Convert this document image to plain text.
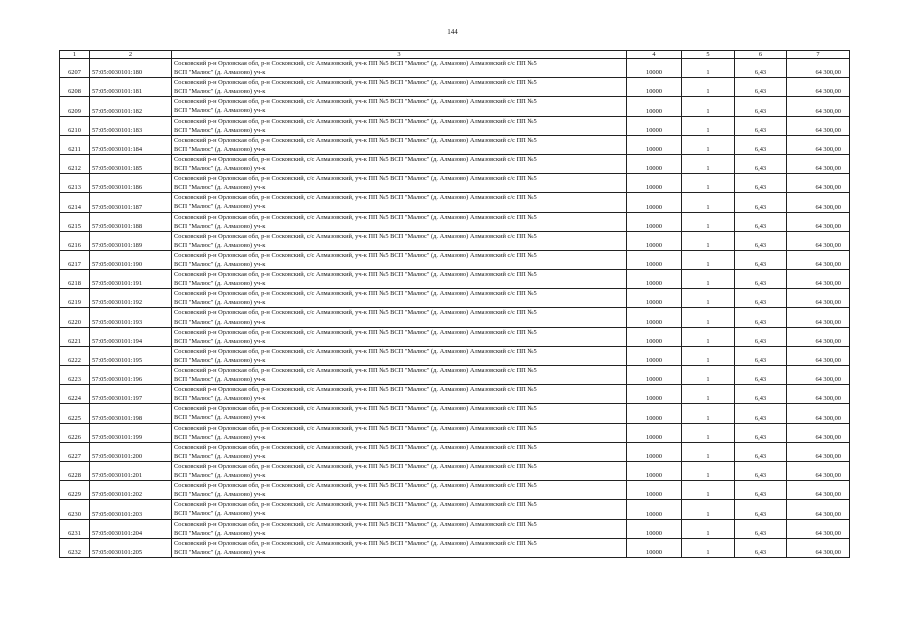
144
1	2	3	4	5	6	7
6207	57:05:0030101:180	Сосковский р-н Орловская обл, р-н Сосковский, с/с Алмазовский, уч-к ПП №5 ВСП "Малюс" (д. Алмазово) Алмазовский с/с ПП №5
ВСП "Малюс" (д. Алмазово) уч-к	10000	1	6,43	64 300,00
6208	57:05:0030101:181	Сосковский р-н Орловская обл, р-н Сосковский, с/с Алмазовский, уч-к ПП №5 ВСП "Малюс" (д. Алмазово) Алмазовский с/с ПП №5
ВСП "Малюс" (д. Алмазово) уч-к	10000	1	6,43	64 300,00
6209	57:05:0030101:182	Сосковский р-н Орловская обл, р-н Сосковский, с/с Алмазовский, уч-к ПП №5 ВСП "Малюс" (д. Алмазово) Алмазовский с/с ПП №5
ВСП "Малюс" (д. Алмазово) уч-к	10000	1	6,43	64 300,00
6210	57:05:0030101:183	Сосковский р-н Орловская обл, р-н Сосковский, с/с Алмазовский, уч-к ПП №5 ВСП "Малюс" (д. Алмазово) Алмазовский с/с ПП №5
ВСП "Малюс" (д. Алмазово) уч-к	10000	1	6,43	64 300,00
6211	57:05:0030101:184	Сосковский р-н Орловская обл, р-н Сосковский, с/с Алмазовский, уч-к ПП №5 ВСП "Малюс" (д. Алмазово) Алмазовский с/с ПП №5
ВСП "Малюс" (д. Алмазово) уч-к	10000	1	6,43	64 300,00
6212	57:05:0030101:185	Сосковский р-н Орловская обл, р-н Сосковский, с/с Алмазовский, уч-к ПП №5 ВСП "Малюс" (д. Алмазово) Алмазовский с/с ПП №5
ВСП "Малюс" (д. Алмазово) уч-к	10000	1	6,43	64 300,00
6213	57:05:0030101:186	Сосковский р-н Орловская обл, р-н Сосковский, с/с Алмазовский, уч-к ПП №5 ВСП "Малюс" (д. Алмазово) Алмазовский с/с ПП №5
ВСП "Малюс" (д. Алмазово) уч-к	10000	1	6,43	64 300,00
6214	57:05:0030101:187	Сосковский р-н Орловская обл, р-н Сосковский, с/с Алмазовский, уч-к ПП №5 ВСП "Малюс" (д. Алмазово) Алмазовский с/с ПП №5
ВСП "Малюс" (д. Алмазово) уч-к	10000	1	6,43	64 300,00
6215	57:05:0030101:188	Сосковский р-н Орловская обл, р-н Сосковский, с/с Алмазовский, уч-к ПП №5 ВСП "Малюс" (д. Алмазово) Алмазовский с/с ПП №5
ВСП "Малюс" (д. Алмазово) уч-к	10000	1	6,43	64 300,00
6216	57:05:0030101:189	Сосковский р-н Орловская обл, р-н Сосковский, с/с Алмазовский, уч-к ПП №5 ВСП "Малюс" (д. Алмазово) Алмазовский с/с ПП №5
ВСП "Малюс" (д. Алмазово) уч-к	10000	1	6,43	64 300,00
6217	57:05:0030101:190	Сосковский р-н Орловская обл, р-н Сосковский, с/с Алмазовский, уч-к ПП №5 ВСП "Малюс" (д. Алмазово) Алмазовский с/с ПП №5
ВСП "Малюс" (д. Алмазово) уч-к	10000	1	6,43	64 300,00
6218	57:05:0030101:191	Сосковский р-н Орловская обл, р-н Сосковский, с/с Алмазовский, уч-к ПП №5 ВСП "Малюс" (д. Алмазово) Алмазовский с/с ПП №5
ВСП "Малюс" (д. Алмазово) уч-к	10000	1	6,43	64 300,00
6219	57:05:0030101:192	Сосковский р-н Орловская обл, р-н Сосковский, с/с Алмазовский, уч-к ПП №5 ВСП "Малюс" (д. Алмазово) Алмазовский с/с ПП №5
ВСП "Малюс" (д. Алмазово) уч-к	10000	1	6,43	64 300,00
6220	57:05:0030101:193	Сосковский р-н Орловская обл, р-н Сосковский, с/с Алмазовский, уч-к ПП №5 ВСП "Малюс" (д. Алмазово) Алмазовский с/с ПП №5
ВСП "Малюс" (д. Алмазово) уч-к	10000	1	6,43	64 300,00
6221	57:05:0030101:194	Сосковский р-н Орловская обл, р-н Сосковский, с/с Алмазовский, уч-к ПП №5 ВСП "Малюс" (д. Алмазово) Алмазовский с/с ПП №5
ВСП "Малюс" (д. Алмазово) уч-к	10000	1	6,43	64 300,00
6222	57:05:0030101:195	Сосковский р-н Орловская обл, р-н Сосковский, с/с Алмазовский, уч-к ПП №5 ВСП "Малюс" (д. Алмазово) Алмазовский с/с ПП №5
ВСП "Малюс" (д. Алмазово) уч-к	10000	1	6,43	64 300,00
6223	57:05:0030101:196	Сосковский р-н Орловская обл, р-н Сосковский, с/с Алмазовский, уч-к ПП №5 ВСП "Малюс" (д. Алмазово) Алмазовский с/с ПП №5
ВСП "Малюс" (д. Алмазово) уч-к	10000	1	6,43	64 300,00
6224	57:05:0030101:197	Сосковский р-н Орловская обл, р-н Сосковский, с/с Алмазовский, уч-к ПП №5 ВСП "Малюс" (д. Алмазово) Алмазовский с/с ПП №5
ВСП "Малюс" (д. Алмазово) уч-к	10000	1	6,43	64 300,00
6225	57:05:0030101:198	Сосковский р-н Орловская обл, р-н Сосковский, с/с Алмазовский, уч-к ПП №5 ВСП "Малюс" (д. Алмазово) Алмазовский с/с ПП №5
ВСП "Малюс" (д. Алмазово) уч-к	10000	1	6,43	64 300,00
6226	57:05:0030101:199	Сосковский р-н Орловская обл, р-н Сосковский, с/с Алмазовский, уч-к ПП №5 ВСП "Малюс" (д. Алмазово) Алмазовский с/с ПП №5
ВСП "Малюс" (д. Алмазово) уч-к	10000	1	6,43	64 300,00
6227	57:05:0030101:200	Сосковский р-н Орловская обл, р-н Сосковский, с/с Алмазовский, уч-к ПП №5 ВСП "Малюс" (д. Алмазово) Алмазовский с/с ПП №5
ВСП "Малюс" (д. Алмазово) уч-к	10000	1	6,43	64 300,00
6228	57:05:0030101:201	Сосковский р-н Орловская обл, р-н Сосковский, с/с Алмазовский, уч-к ПП №5 ВСП "Малюс" (д. Алмазово) Алмазовский с/с ПП №5
ВСП "Малюс" (д. Алмазово) уч-к	10000	1	6,43	64 300,00
6229	57:05:0030101:202	Сосковский р-н Орловская обл, р-н Сосковский, с/с Алмазовский, уч-к ПП №5 ВСП "Малюс" (д. Алмазово) Алмазовский с/с ПП №5
ВСП "Малюс" (д. Алмазово) уч-к	10000	1	6,43	64 300,00
6230	57:05:0030101:203	Сосковский р-н Орловская обл, р-н Сосковский, с/с Алмазовский, уч-к ПП №5 ВСП "Малюс" (д. Алмазово) Алмазовский с/с ПП №5
ВСП "Малюс" (д. Алмазово) уч-к	10000	1	6,43	64 300,00
6231	57:05:0030101:204	Сосковский р-н Орловская обл, р-н Сосковский, с/с Алмазовский, уч-к ПП №5 ВСП "Малюс" (д. Алмазово) Алмазовский с/с ПП №5
ВСП "Малюс" (д. Алмазово) уч-к	10000	1	6,43	64 300,00
6232	57:05:0030101:205	Сосковский р-н Орловская обл, р-н Сосковский, с/с Алмазовский, уч-к ПП №5 ВСП "Малюс" (д. Алмазово) Алмазовский с/с ПП №5
ВСП "Малюс" (д. Алмазово) уч-к	10000	1	6,43	64 300,00
